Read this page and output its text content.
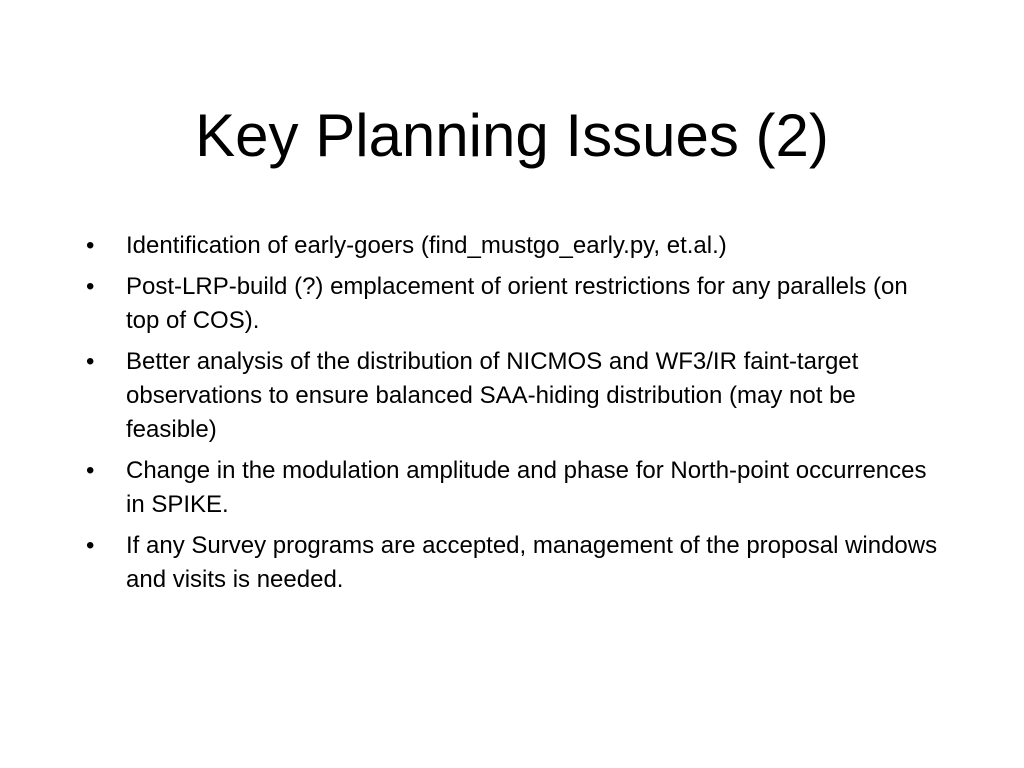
Key Planning Issues (2)
•	Identification of early-goers (find_mustgo_early.py, et.al.)
•	Post-LRP-build (?) emplacement of orient restrictions for any parallels (on top of COS).
•	Better analysis of the distribution of NICMOS and WF3/IR faint-target observations to ensure balanced SAA-hiding distribution (may not be feasible)
•	Change in the modulation amplitude and phase for North-point occurrences in SPIKE.
•	If any Survey programs are accepted, management of the proposal windows and visits is needed.
